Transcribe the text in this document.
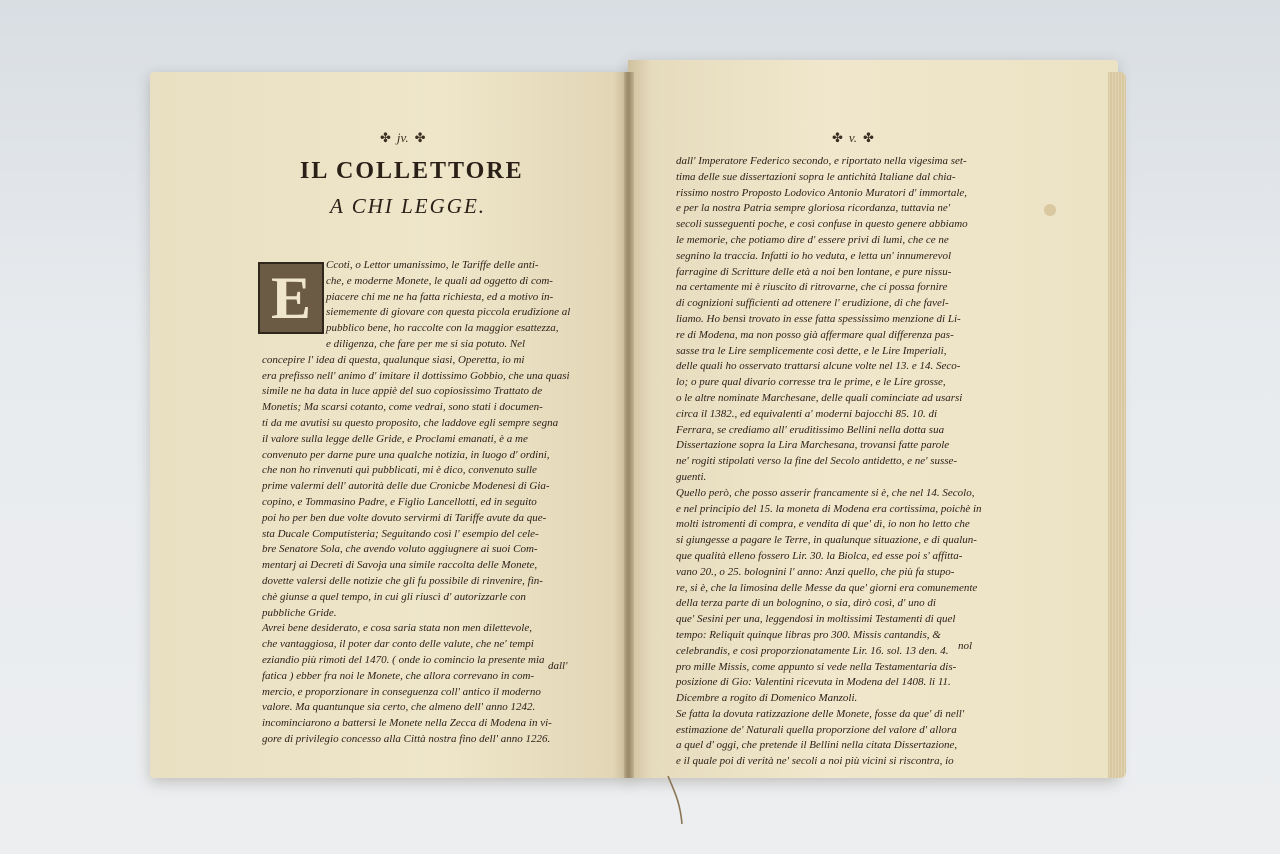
✤ jv. ✤	✤ v. ✤
IL COLLETTORE
A CHI LEGGE.
E	Ccoti, o Lettor umanissimo, le Tariffe delle anti-
che, e moderne Monete, le quali ad oggetto di com-
piacere chi me ne ha fatta richiesta, ed a motivo in-
siememente di giovare con questa piccola erudizione al
pubblico bene, ho raccolte con la maggior esattezza,
e diligenza, che fare per me si sia potuto. Nel
concepire l' idea di questa, qualunque siasi, Operetta, io mi
era prefisso nell' animo d' imitare il dottissimo Gobbio, che una quasi
simile ne ha data in luce appiè del suo copiosissimo Trattato de
Monetis; Ma scarsi cotanto, come vedrai, sono stati i documen-
ti da me avutisi su questo proposito, che laddove egli sempre segna
il valore sulla legge delle Gride, e Proclami emanati, è a me
convenuto per darne pure una qualche notizia, in luogo d' ordini,
che non ho rinvenuti quì pubblicati, mi è dico, convenuto sulle
prime valermi dell' autorità delle due Cronicbe Modenesi di Gia-
copino, e Tommasino Padre, e Figlio Lancellotti, ed in seguito
poi ho per ben due volte dovuto servirmi di Tariffe avute da que-
sta Ducale Computisteria; Seguitando così l' esempio del cele-
bre Senatore Sola, che avendo voluto aggiugnere ai suoi Com-
mentarj ai Decreti di Savoja una simile raccolta delle Monete,
dovette valersi delle notizie che gli fu possibile di rinvenire, fin-
chè giunse a quel tempo, in cui gli riuscì d' autorizzarle con
pubbliche Gride.
Avrei bene desiderato, e cosa saria stata non men dilettevole,
che vantaggiosa, il poter dar conto delle valute, che ne' tempi
eziandio più rimoti del 1470. ( onde io comincio la presente mia
fatica ) ebber fra noi le Monete, che allora correvano in com-
mercio, e proporzionare in conseguenza coll' antico il moderno
valore. Ma quantunque sia certo, che almeno dell' anno 1242.
incominciarono a battersi le Monete nella Zecca di Modena in vi-
gore di privilegio concesso alla Città nostra fino dell' anno 1226.
dall'
dall' Imperatore Federico secondo, e riportato nella vigesima set-
tima delle sue dissertazioni sopra le antichità Italiane dal chia-
rissimo nostro Proposto Lodovico Antonio Muratori d' immortale,
e per la nostra Patria sempre gloriosa ricordanza, tuttavia ne'
secoli susseguenti poche, e così confuse in questo genere abbiamo
le memorie, che potiamo dire d' essere privi di lumi, che ce ne
segnino la traccia. Infatti io ho veduta, e letta un' innumerevol
farragine di Scritture delle età a noi ben lontane, e pure nissu-
na certamente mi è riuscito di ritrovarne, che ci possa fornire
di cognizioni sufficienti ad ottenere l' erudizione, di che favel-
liamo. Ho bensì trovato in esse fatta spessissimo menzione di Li-
re di Modena, ma non posso già affermare qual differenza pas-
sasse tra le Lire semplicemente così dette, e le Lire Imperiali,
delle quali ho osservato trattarsi alcune volte nel 13. e 14. Seco-
lo; o pure qual divario corresse tra le prime, e le Lire grosse,
o le altre nominate Marchesane, delle quali cominciate ad usarsi
circa il 1382., ed equivalenti a' moderni bajocchi 85. 10. di
Ferrara, se crediamo all' eruditissimo Bellini nella dotta sua
Dissertazione sopra la Lira Marchesana, trovansi fatte parole
ne' rogiti stipolati verso la fine del Secolo antidetto, e ne' susse-
guenti.
Quello però, che posso asserir francamente si è, che nel 14. Secolo,
e nel principio del 15. la moneta di Modena era cortissima, poichè in
molti istromenti di compra, e vendita di que' dì, io non ho letto che
si giungesse a pagare le Terre, in qualunque situazione, e di qualun-
que qualità elleno fossero Lir. 30. la Biolca, ed esse poi s' affitta-
vano 20., o 25. bolognini l' anno: Anzi quello, che più fa stupo-
re, si è, che la limosina delle Messe da que' giorni era comunemente
della terza parte di un bolognino, o sia, dirò così, d' uno di
que' Sesini per una, leggendosi in moltissimi Testamenti di quel
tempo: Reliquit quinque libras pro 300. Missis cantandis, &
celebrandis, e così proporzionatamente Lir. 16. sol. 13 den. 4.
pro mille Missis, come appunto si vede nella Testamentaria dis-
posizione di Gio: Valentini ricevuta in Modena del 1408. li 11.
Dicembre a rogito di Domenico Manzoli.
Se fatta la dovuta ratizzazione delle Monete, fosse da que' dì nell'
estimazione de' Naturali quella proporzione del valore d' allora
a quel d' oggi, che pretende il Bellini nella citata Dissertazione,
e il quale poi di verità ne' secoli a noi più vicini si riscontra, io
nol
